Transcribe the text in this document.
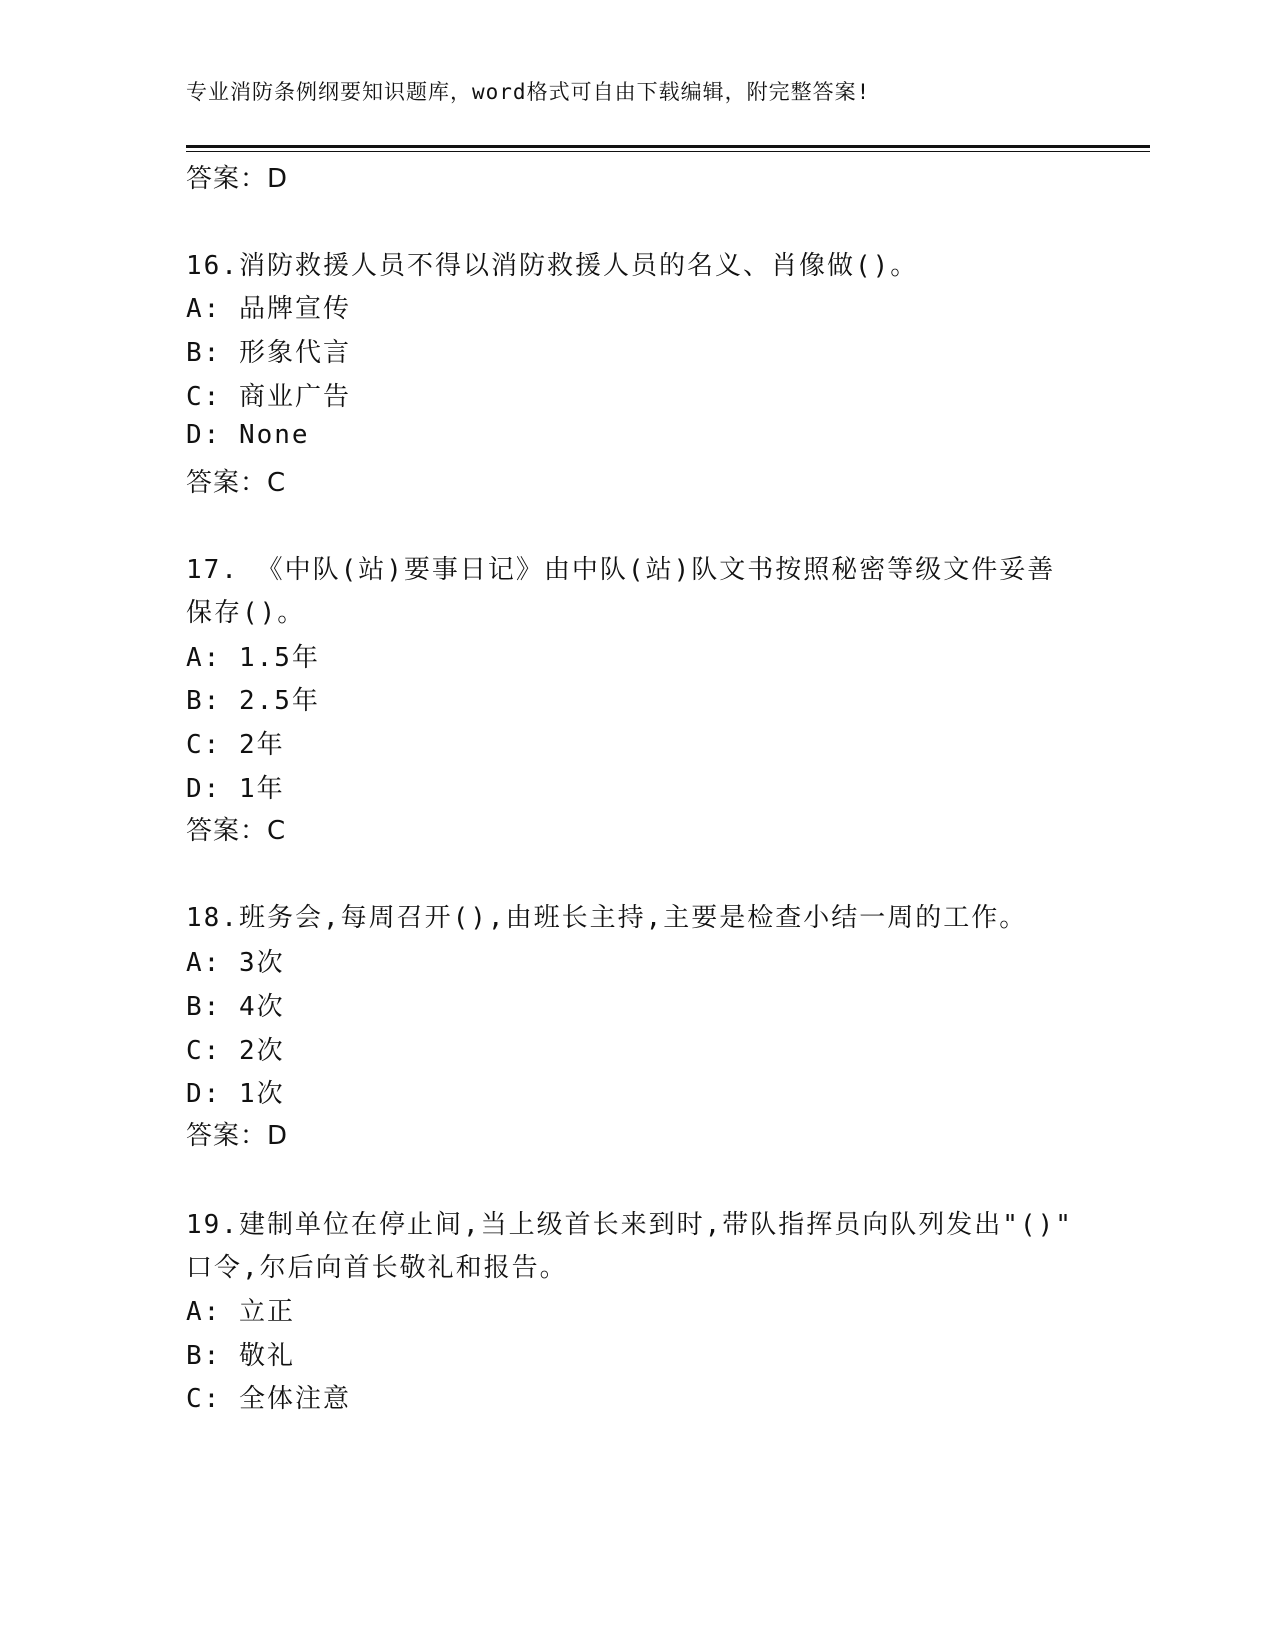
专业消防条例纲要知识题库，word格式可自由下载编辑，附完整答案!
答案：D
16.消防救援人员不得以消防救援人员的名义、肖像做()。
A: 品牌宣传
B: 形象代言
C: 商业广告
D: None
答案：C
17. 《中队(站)要事日记》由中队(站)队文书按照秘密等级文件妥善
保存()。
A: 1.5年
B: 2.5年
C: 2年
D: 1年
答案：C
18.班务会,每周召开(),由班长主持,主要是检查小结一周的工作。
A: 3次
B: 4次
C: 2次
D: 1次
答案：D
19.建制单位在停止间,当上级首长来到时,带队指挥员向队列发出"()"
口令,尔后向首长敬礼和报告。
A: 立正
B: 敬礼
C: 全体注意
